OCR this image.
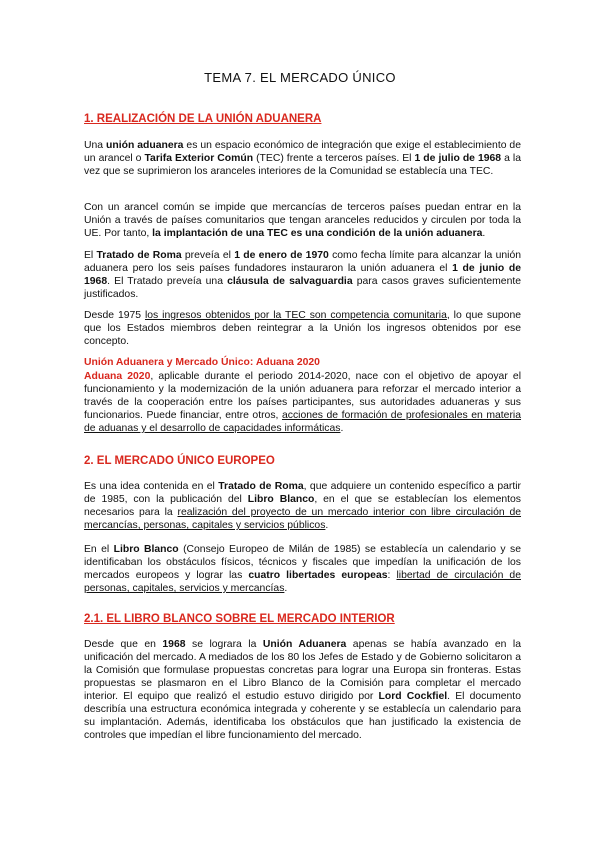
TEMA 7. EL MERCADO ÚNICO
1. REALIZACIÓN DE LA UNIÓN ADUANERA

Una unión aduanera es un espacio económico de integración que exige el establecimiento de un arancel o Tarifa Exterior Común (TEC) frente a terceros países. El 1 de julio de 1968 a la vez que se suprimieron los aranceles interiores de la Comunidad se establecía una TEC.

Con un arancel común se impide que mercancías de terceros países puedan entrar en la Unión a través de países comunitarios que tengan aranceles reducidos y circulen por toda la UE. Por tanto, la implantación de una TEC es una condición de la unión aduanera.

El Tratado de Roma preveía el 1 de enero de 1970 como fecha límite para alcanzar la unión aduanera pero los seis países fundadores instauraron la unión aduanera el 1 de junio de 1968. El Tratado preveía una cláusula de salvaguardia para casos graves suficientemente justificados.

Desde 1975 los ingresos obtenidos por la TEC son competencia comunitaria, lo que supone que los Estados miembros deben reintegrar a la Unión los ingresos obtenidos por ese concepto.

Unión Aduanera y Mercado Único: Aduana 2020

Aduana 2020, aplicable durante el periodo 2014-2020, nace con el objetivo de apoyar el funcionamiento y la modernización de la unión aduanera para reforzar el mercado interior a través de la cooperación entre los países participantes, sus autoridades aduaneras y sus funcionarios. Puede financiar, entre otros, acciones de formación de profesionales en materia de aduanas y el desarrollo de capacidades informáticas.

2. EL MERCADO ÚNICO EUROPEO

Es una idea contenida en el Tratado de Roma, que adquiere un contenido específico a partir de 1985, con la publicación del Libro Blanco, en el que se establecían los elementos necesarios para la realización del proyecto de un mercado interior con libre circulación de mercancías, personas, capitales y servicios públicos.

En el Libro Blanco (Consejo Europeo de Milán de 1985) se establecía un calendario y se identificaban los obstáculos físicos, técnicos y fiscales que impedían la unificación de los mercados europeos y lograr las cuatro libertades europeas: libertad de circulación de personas, capitales, servicios y mercancías.

2.1. EL LIBRO BLANCO SOBRE EL MERCADO INTERIOR

Desde que en 1968 se lograra la Unión Aduanera apenas se había avanzado en la unificación del mercado. A mediados de los 80 los Jefes de Estado y de Gobierno solicitaron a la Comisión que formulase propuestas concretas para lograr una Europa sin fronteras. Estas propuestas se plasmaron en el Libro Blanco de la Comisión para completar el mercado interior. El equipo que realizó el estudio estuvo dirigido por Lord Cockfiel. El documento describía una estructura económica integrada y coherente y se establecía un calendario para su implantación. Además, identificaba los obstáculos que han justificado la existencia de controles que impedían el libre funcionamiento del mercado.
